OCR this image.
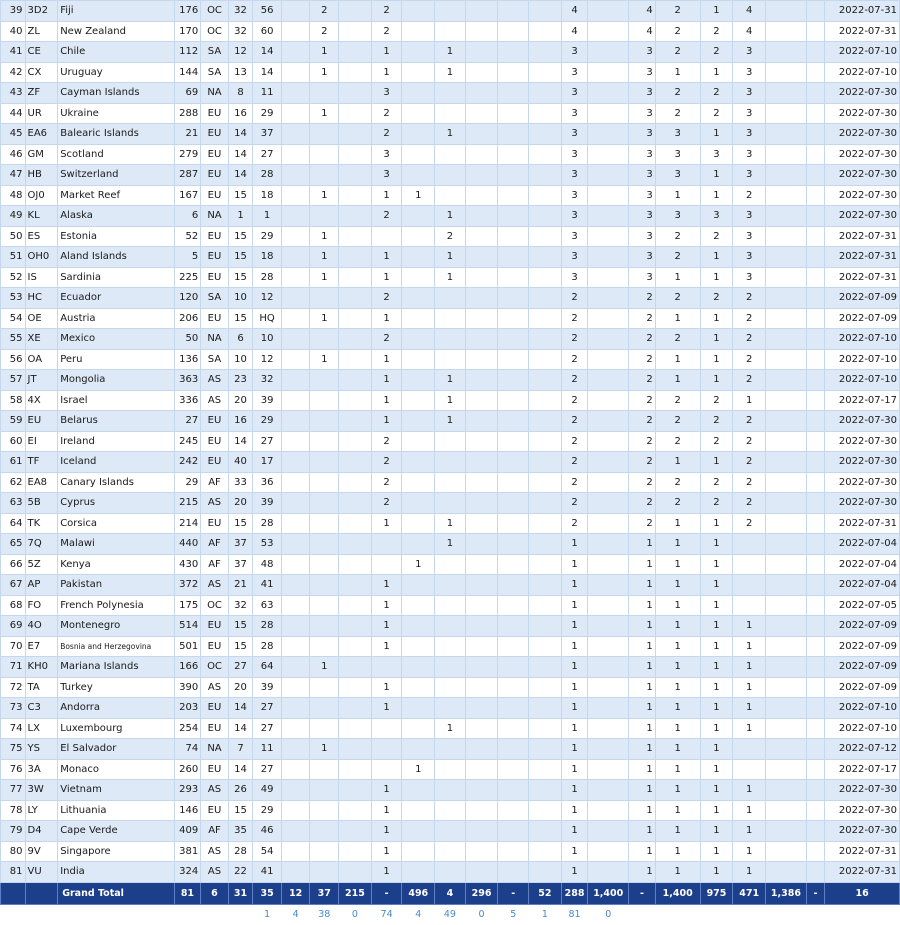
39	3D2	Fiji	176	OC	32	56		2		2						4		4	2	1	4			2022-07-31
40	ZL	New Zealand	170	OC	32	60		2		2						4		4	2	2	4			2022-07-31
41	CE	Chile	112	SA	12	14		1		1		1				3		3	2	2	3			2022-07-10
42	CX	Uruguay	144	SA	13	14		1		1		1				3		3	1	1	3			2022-07-10
43	ZF	Cayman Islands	69	NA	8	11				3						3		3	2	2	3			2022-07-30
44	UR	Ukraine	288	EU	16	29		1		2						3		3	2	2	3			2022-07-30
45	EA6	Balearic Islands	21	EU	14	37				2		1				3		3	3	1	3			2022-07-30
46	GM	Scotland	279	EU	14	27				3						3		3	3	3	3			2022-07-30
47	HB	Switzerland	287	EU	14	28				3						3		3	3	1	3			2022-07-30
48	OJ0	Market Reef	167	EU	15	18		1		1	1					3		3	1	1	2			2022-07-30
49	KL	Alaska	6	NA	1	1				2		1				3		3	3	3	3			2022-07-30
50	ES	Estonia	52	EU	15	29		1				2				3		3	2	2	3			2022-07-31
51	OH0	Aland Islands	5	EU	15	18		1		1		1				3		3	2	1	3			2022-07-31
52	IS	Sardinia	225	EU	15	28		1		1		1				3		3	1	1	3			2022-07-31
53	HC	Ecuador	120	SA	10	12				2						2		2	2	2	2			2022-07-09
54	OE	Austria	206	EU	15	HQ		1		1						2		2	1	1	2			2022-07-09
55	XE	Mexico	50	NA	6	10				2						2		2	2	1	2			2022-07-10
56	OA	Peru	136	SA	10	12		1		1						2		2	1	1	2			2022-07-10
57	JT	Mongolia	363	AS	23	32				1		1				2		2	1	1	2			2022-07-10
58	4X	Israel	336	AS	20	39				1		1				2		2	2	2	1			2022-07-17
59	EU	Belarus	27	EU	16	29				1		1				2		2	2	2	2			2022-07-30
60	EI	Ireland	245	EU	14	27				2						2		2	2	2	2			2022-07-30
61	TF	Iceland	242	EU	40	17				2						2		2	1	1	2			2022-07-30
62	EA8	Canary Islands	29	AF	33	36				2						2		2	2	2	2			2022-07-30
63	5B	Cyprus	215	AS	20	39				2						2		2	2	2	2			2022-07-30
64	TK	Corsica	214	EU	15	28				1		1				2		2	1	1	2			2022-07-31
65	7Q	Malawi	440	AF	37	53						1				1		1	1	1				2022-07-04
66	5Z	Kenya	430	AF	37	48					1					1		1	1	1				2022-07-04
67	AP	Pakistan	372	AS	21	41				1						1		1	1	1				2022-07-04
68	FO	French Polynesia	175	OC	32	63				1						1		1	1	1				2022-07-05
69	4O	Montenegro	514	EU	15	28				1						1		1	1	1	1			2022-07-09
70	E7	Bosnia and Herzegovina	501	EU	15	28				1						1		1	1	1	1			2022-07-09
71	KH0	Mariana Islands	166	OC	27	64		1								1		1	1	1	1			2022-07-09
72	TA	Turkey	390	AS	20	39				1						1		1	1	1	1			2022-07-09
73	C3	Andorra	203	EU	14	27				1						1		1	1	1	1			2022-07-10
74	LX	Luxembourg	254	EU	14	27						1				1		1	1	1	1			2022-07-10
75	YS	El Salvador	74	NA	7	11		1								1		1	1	1				2022-07-12
76	3A	Monaco	260	EU	14	27					1					1		1	1	1				2022-07-17
77	3W	Vietnam	293	AS	26	49				1						1		1	1	1	1			2022-07-30
78	LY	Lithuania	146	EU	15	29				1						1		1	1	1	1			2022-07-30
79	D4	Cape Verde	409	AF	35	46				1						1		1	1	1	1			2022-07-30
80	9V	Singapore	381	AS	28	54				1						1		1	1	1	1			2022-07-31
81	VU	India	324	AS	22	41				1						1		1	1	1	1			2022-07-31
		Grand Total	81	6	31	35	12	37	215	-	496	4	296	-	52	288	1,400	-	1,400	975	471	1,386	-	16
						1	4	38	0	74	4	49	0	5	1	81	0							
